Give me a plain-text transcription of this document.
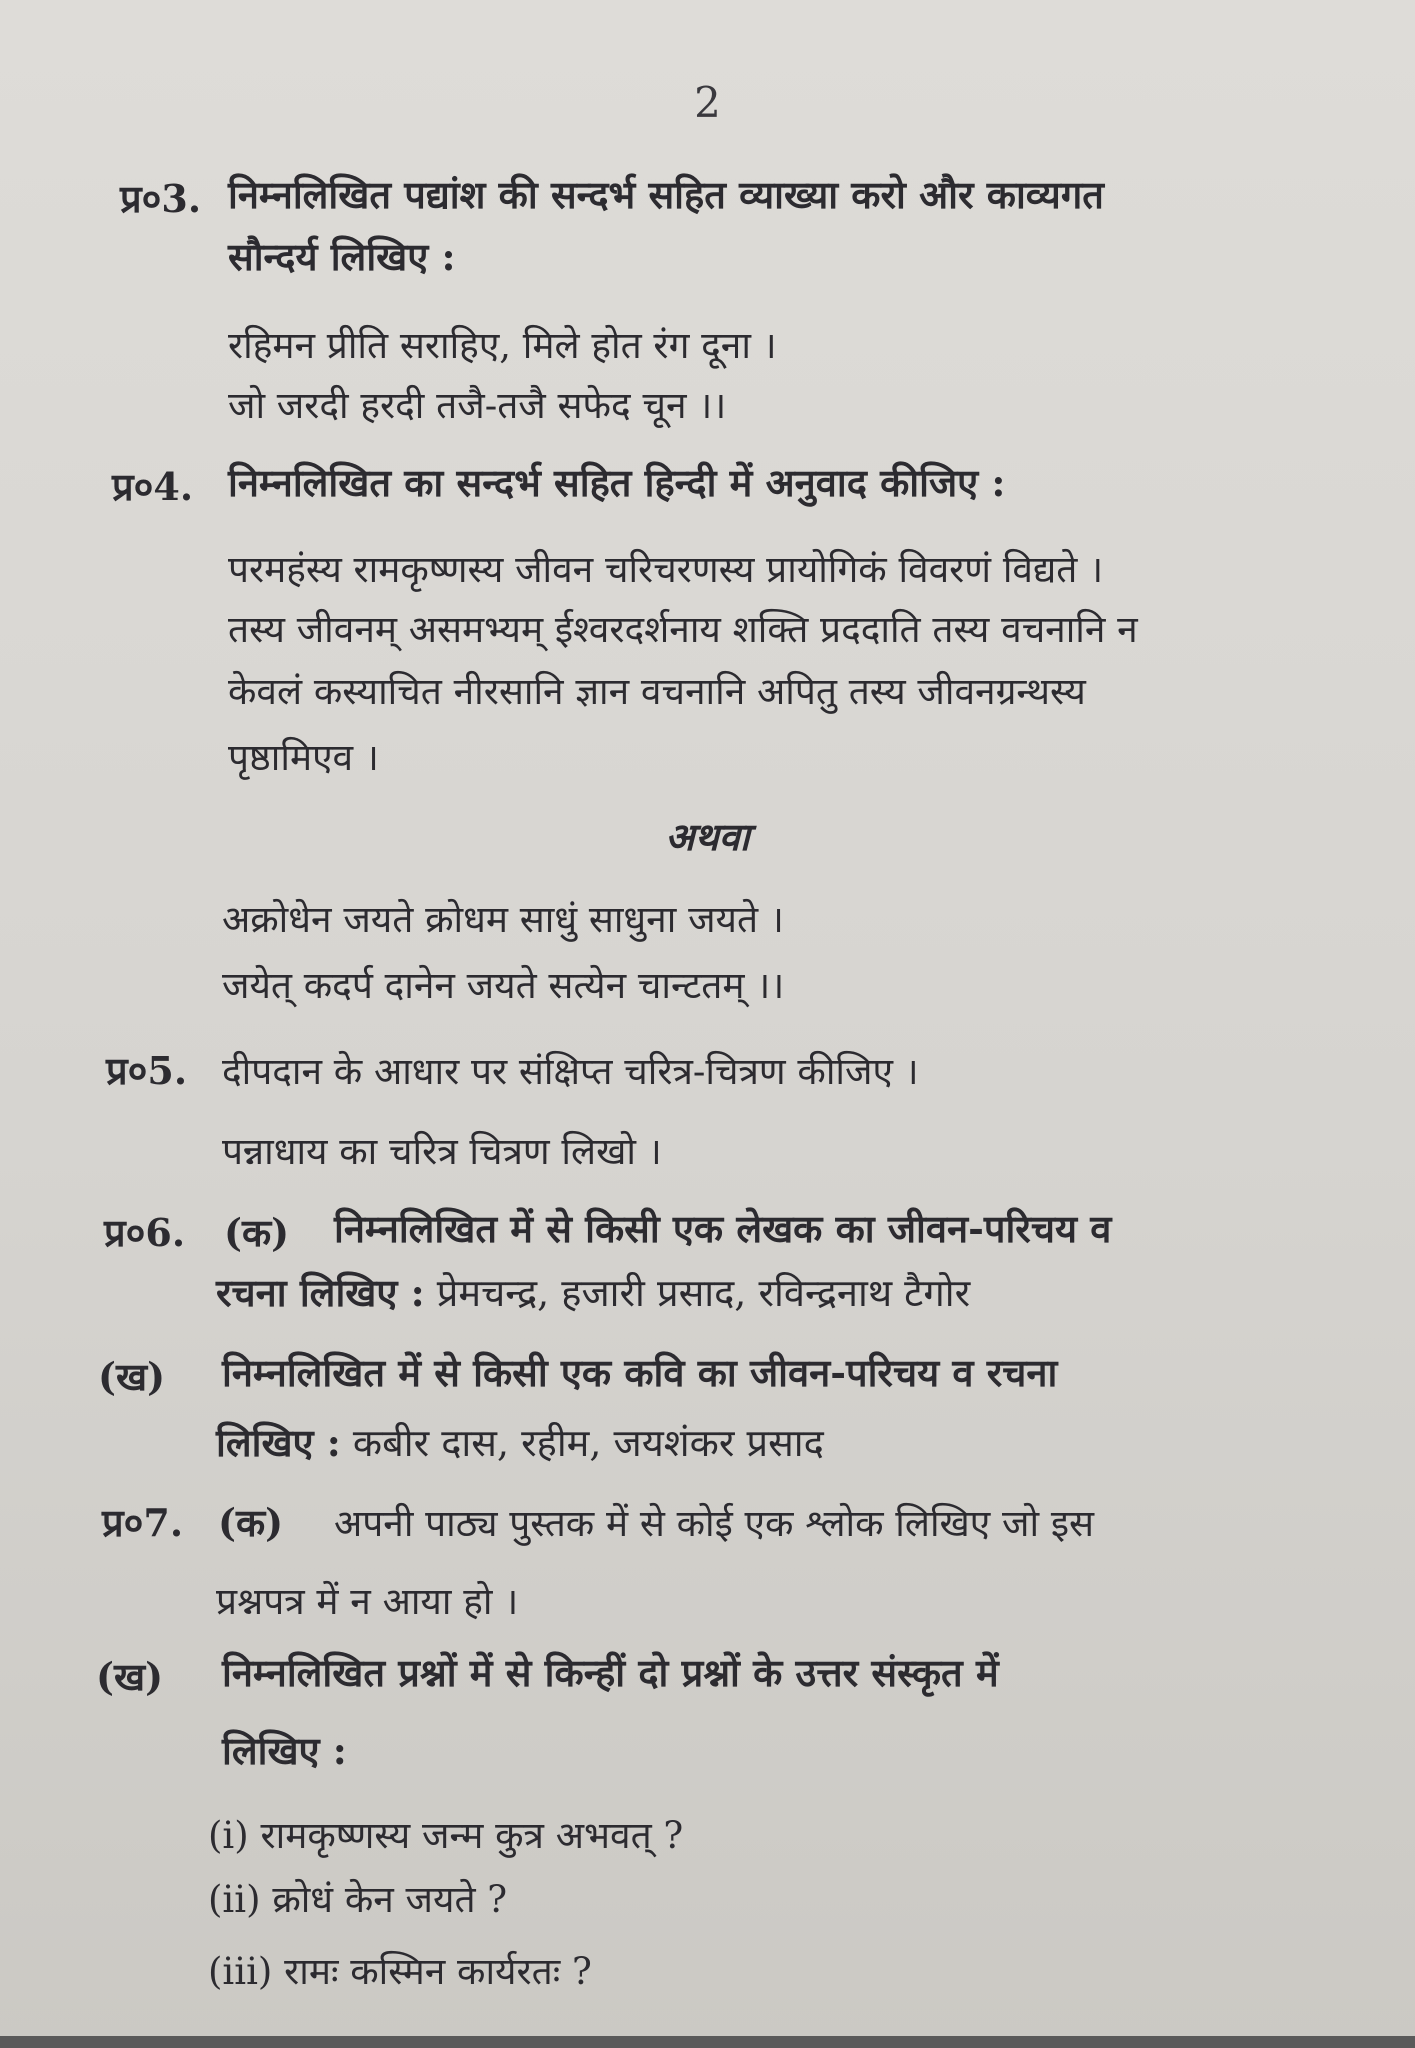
2
प्र०3. निम्नलिखित पद्यांश की सन्दर्भ सहित व्याख्या करो और काव्यगत
सौन्दर्य लिखिए :
रहिमन प्रीति सराहिए, मिले होत रंग दूना ।
जो जरदी हरदी तजै-तजै सफेद चून ।।
प्र०4. निम्नलिखित का सन्दर्भ सहित हिन्दी में अनुवाद कीजिए :
परमहंस्य रामकृष्णस्य जीवन चरिचरणस्य प्रायोगिकं विवरणं विद्यते ।
तस्य जीवनम् असमभ्यम् ईश्वरदर्शनाय शक्ति प्रददाति तस्य वचनानि न
केवलं कस्याचित नीरसानि ज्ञान वचनानि अपितु तस्य जीवनग्रन्थस्य
पृष्ठामिएव ।
अथवा
अक्रोधेन जयते क्रोधम साधुं साधुना जयते ।
जयेत् कदर्प दानेन जयते सत्येन चान्टतम् ।।
प्र०5. दीपदान के आधार पर संक्षिप्त चरित्र-चित्रण कीजिए ।
पन्नाधाय का चरित्र चित्रण लिखो ।
प्र०6. (क) निम्नलिखित में से किसी एक लेखक का जीवन-परिचय व
रचना लिखिए : प्रेमचन्द्र, हजारी प्रसाद, रविन्द्रनाथ टैगोर
(ख) निम्नलिखित में से किसी एक कवि का जीवन-परिचय व रचना
लिखिए : कबीर दास, रहीम, जयशंकर प्रसाद
प्र०7. (क) अपनी पाठ्य पुस्तक में से कोई एक श्लोक लिखिए जो इस
प्रश्नपत्र में न आया हो ।
(ख) निम्नलिखित प्रश्नों में से किन्हीं दो प्रश्नों के उत्तर संस्कृत में
लिखिए :
(i) रामकृष्णस्य जन्म कुत्र अभवत् ?
(ii) क्रोधं केन जयते ?
(iii) रामः कस्मिन कार्यरतः ?
